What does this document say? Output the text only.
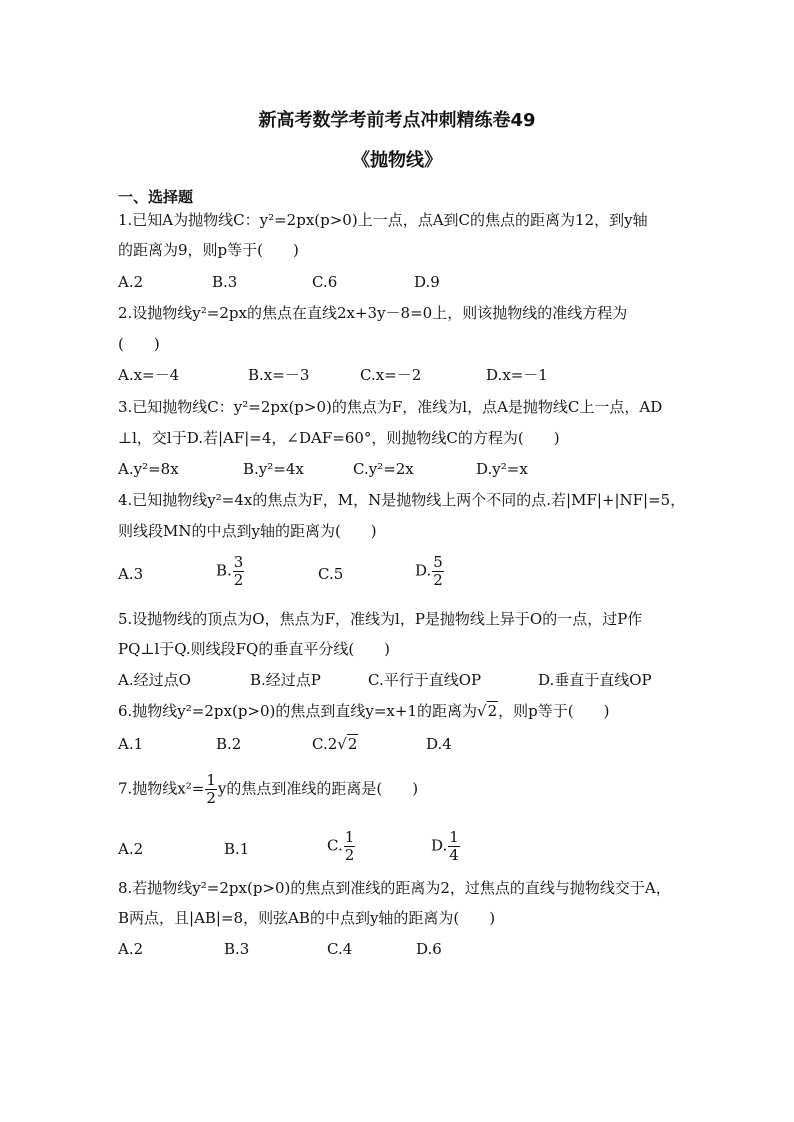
新高考数学考前考点冲刺精练卷49
《抛物线》
一、选择题
1.已知A为抛物线C：y²=2px(p>0)上一点，点A到C的焦点的距离为12，到y轴
的距离为9，则p等于(　　)
A.2	B.3	C.6	D.9
2.设抛物线y²=2px的焦点在直线2x+3y－8=0上，则该抛物线的准线方程为
(　　)
A.x=－4	B.x=－3	C.x=－2	D.x=－1
3.已知抛物线C：y²=2px(p>0)的焦点为F，准线为l，点A是抛物线C上一点，AD
⊥l，交l于D.若|AF|=4，∠DAF=60°，则抛物线C的方程为(　　)
A.y²=8x	B.y²=4x	C.y²=2x	D.y²=x
4.已知抛物线y²=4x的焦点为F，M，N是抛物线上两个不同的点.若|MF|+|NF|=5，
则线段MN的中点到y轴的距离为(　　)
A.3	B. $\frac{3}{2}$	C.5	D. $\frac{5}{2}$
5.设抛物线的顶点为O，焦点为F，准线为l，P是抛物线上异于O的一点，过P作
PQ⊥l于Q.则线段FQ的垂直平分线(　　)
A.经过点O	B.经过点P	C.平行于直线OP	D.垂直于直线OP
6.抛物线y²=2px(p>0)的焦点到直线y=x+1的距离为√2，则p等于(　　)
A.1	B.2	C.2√2	D.4
7.抛物线$x^2= \frac{1}{2}$ y的焦点到准线的距离是(　　)
A.2	B.1	C. $\frac{1}{2}$	D. $\frac{1}{4}$
8.若抛物线y²=2px(p>0)的焦点到准线的距离为2，过焦点的直线与抛物线交于A，
B两点，且|AB|=8，则弦AB的中点到y轴的距离为(　　)
A.2	B.3	C.4	D.6
